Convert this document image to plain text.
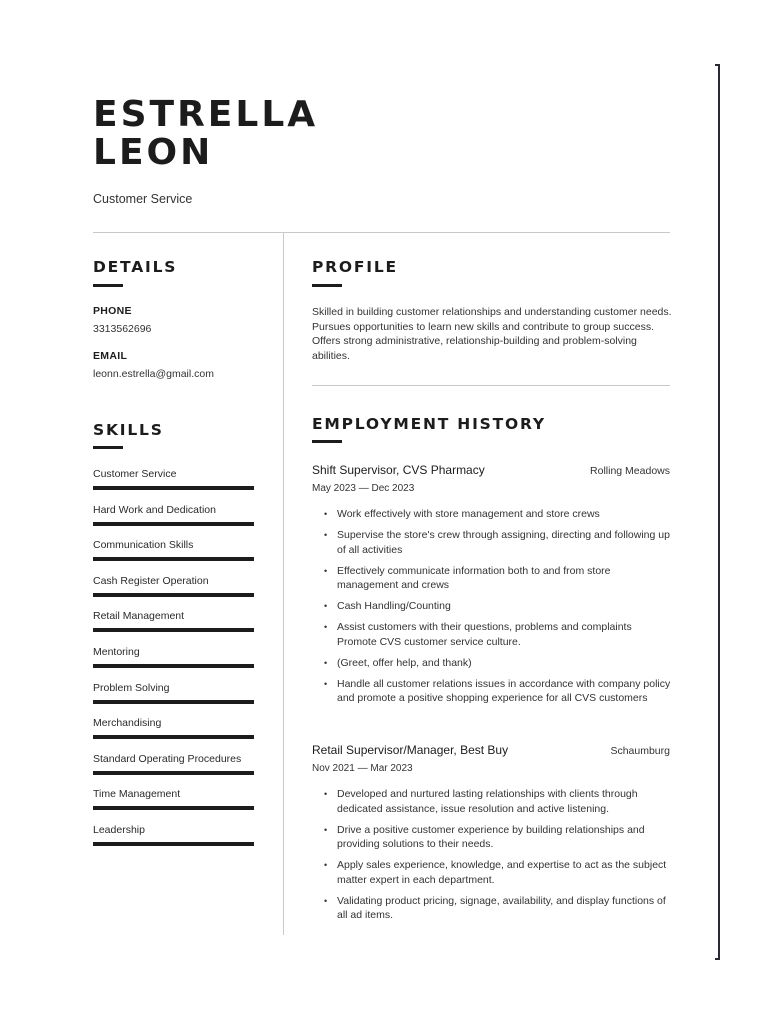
ESTRELLA
LEON
Customer Service
DETAILS
PHONE
3313562696
EMAIL
leonn.estrella@gmail.com
SKILLS
Customer Service
Hard Work and Dedication
Communication Skills
Cash Register Operation
Retail Management
Mentoring
Problem Solving
Merchandising
Standard Operating Procedures
Time Management
Leadership
PROFILE

Skilled in building customer relationships and understanding customer needs. Pursues opportunities to learn new skills and contribute to group success. Offers strong administrative, relationship-building and problem-solving abilities.

EMPLOYMENT HISTORY
Shift Supervisor, CVS Pharmacy	Rolling Meadows
May 2023 — Dec 2023
• Work effectively with store management and store crews
• Supervise the store's crew through assigning, directing and following up of all activities
• Effectively communicate information both to and from store management and crews
• Cash Handling/Counting
• Assist customers with their questions, problems and complaints Promote CVS customer service culture.
• (Greet, offer help, and thank)
• Handle all customer relations issues in accordance with company policy and promote a positive shopping experience for all CVS customers
Retail Supervisor/Manager, Best Buy	Schaumburg
Nov 2021 — Mar 2023
• Developed and nurtured lasting relationships with clients through dedicated assistance, issue resolution and active listening.
• Drive a positive customer experience by building relationships and providing solutions to their needs.
• Apply sales experience, knowledge, and expertise to act as the subject matter expert in each department.
• Validating product pricing, signage, availability, and display functions of all ad items.
